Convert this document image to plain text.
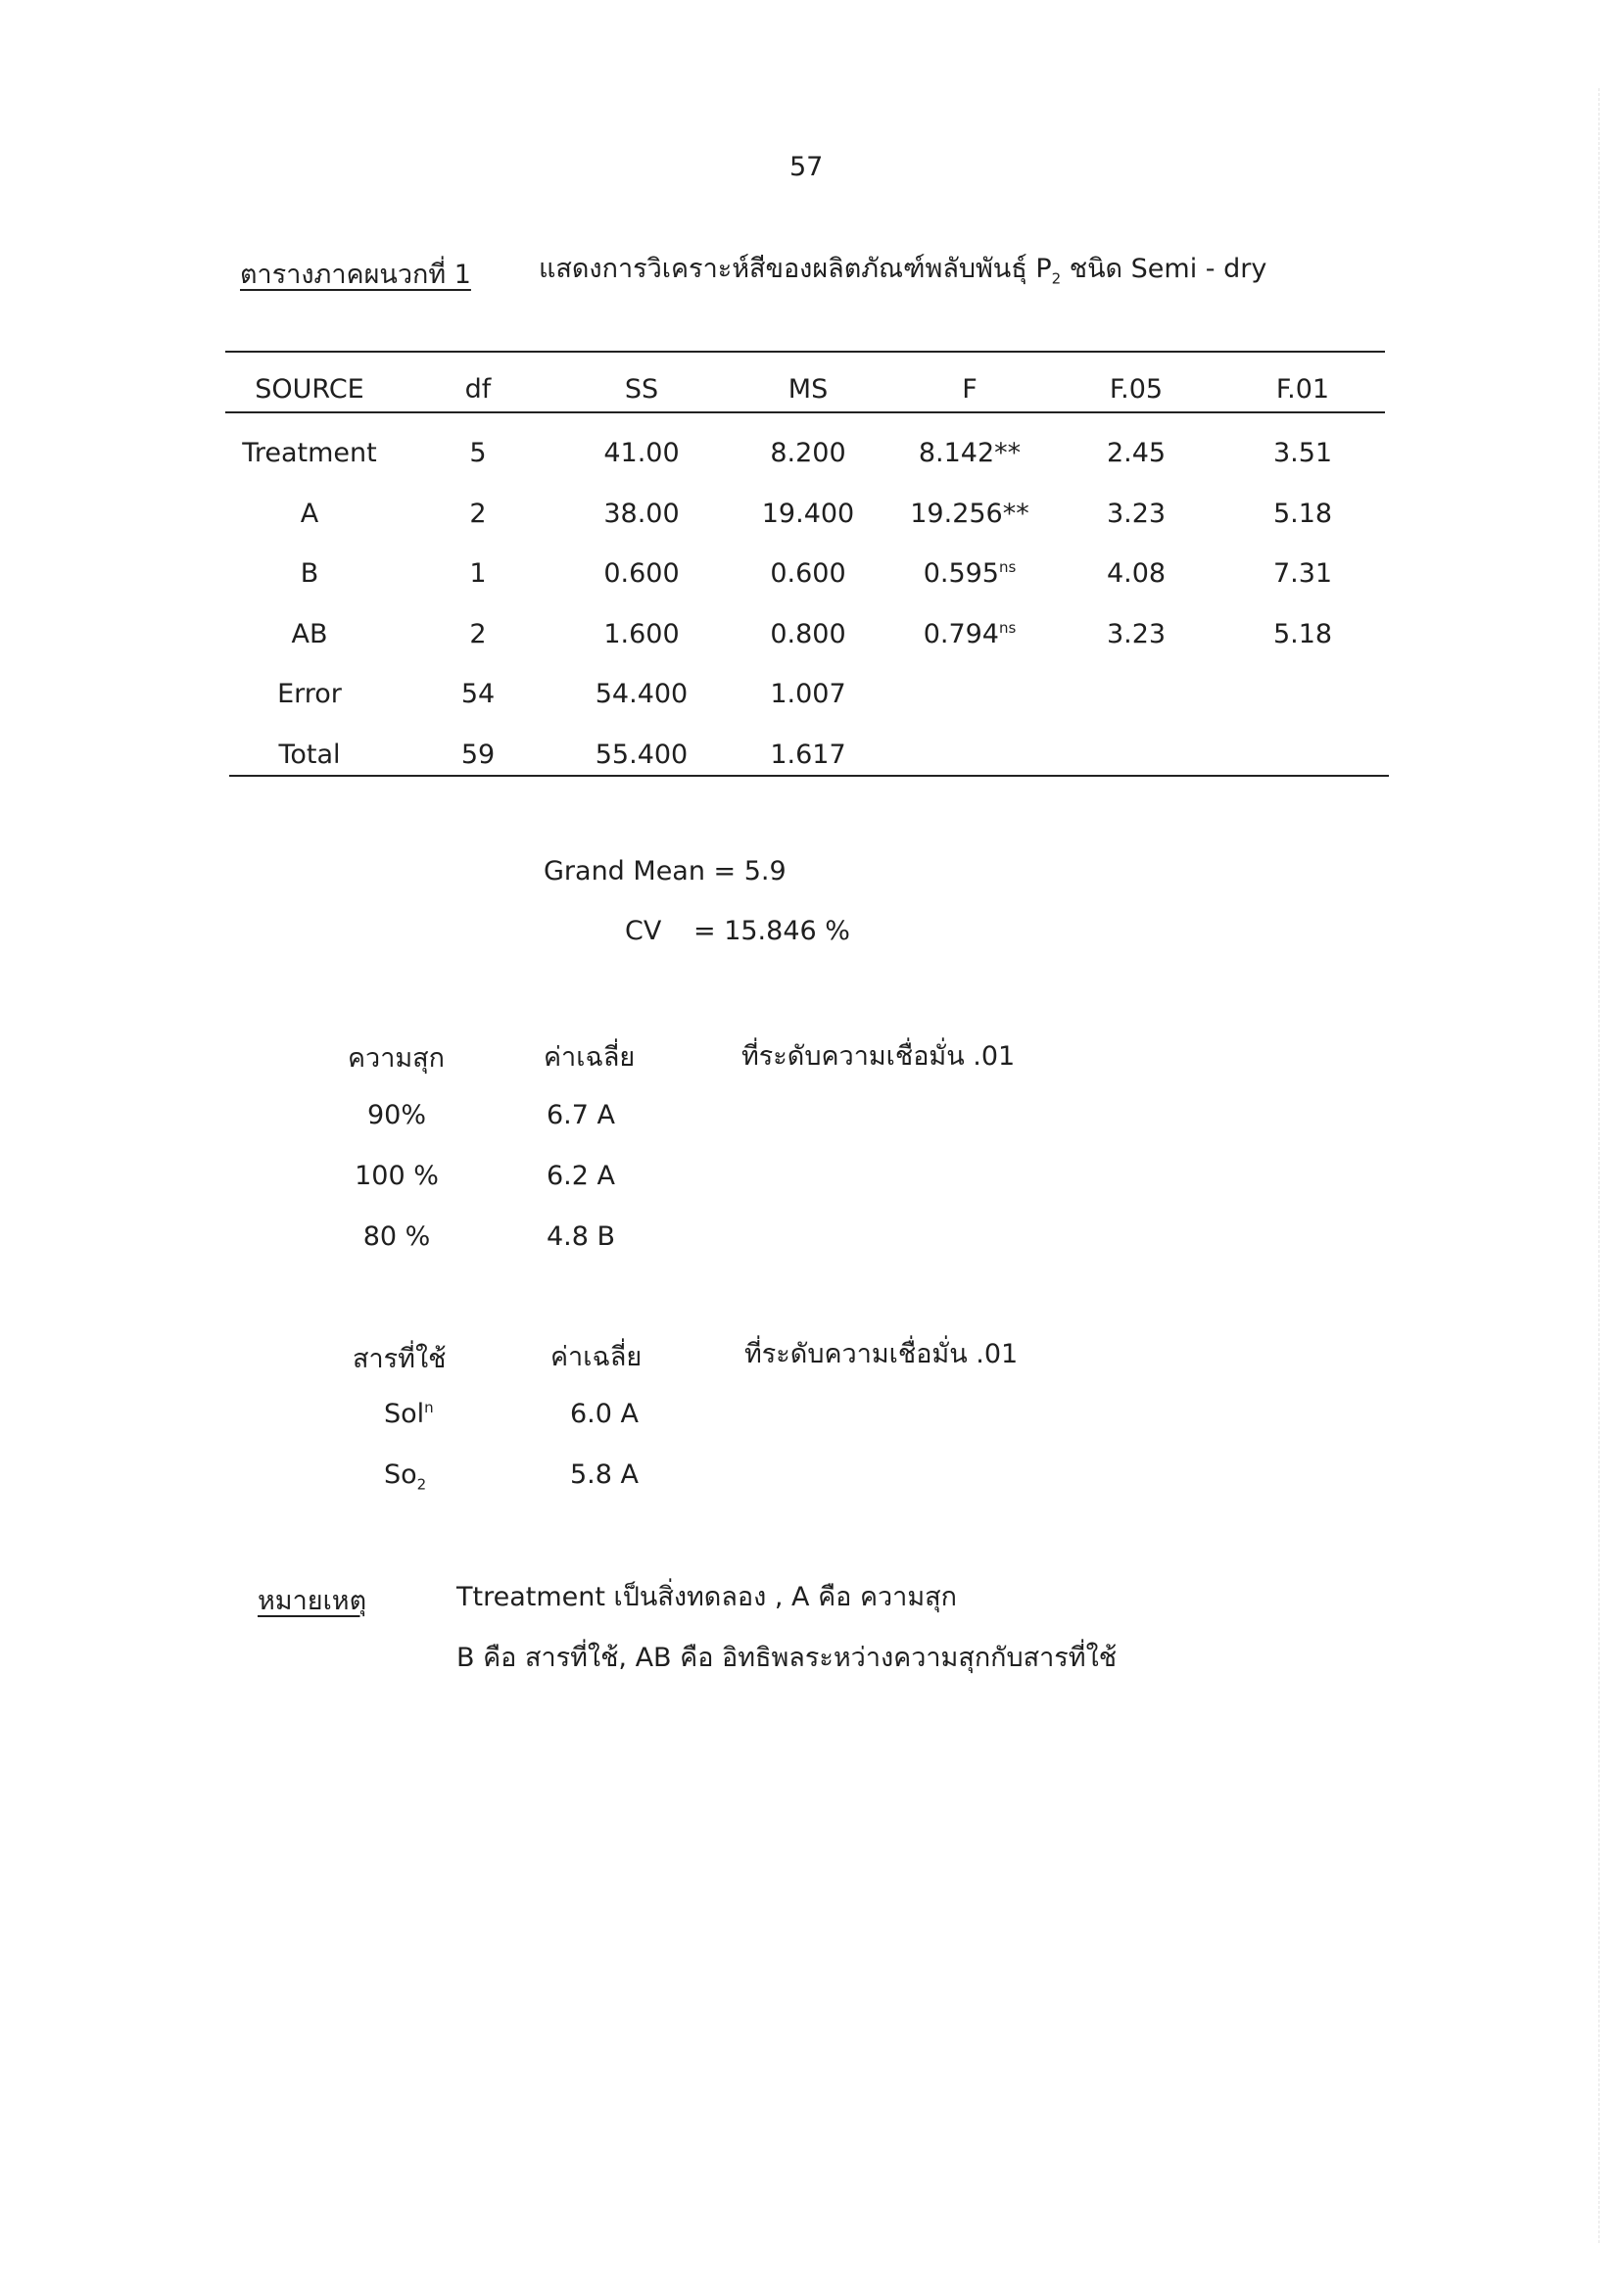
57
ตารางภาคผนวกที่ 1	แสดงการวิเคราะห์สีของผลิตภัณฑ์พลับพันธุ์ $P_2$ ชนิด Semi - dry
SOURCE	df	SS	MS	F	F.05	F.01
Treatment	5	41.00	8.200	8.142**	2.45	3.51
A	2	38.00	19.400	19.256**	3.23	5.18
B	1	0.600	0.600	$0.595^{ns}$	4.08	7.31
AB	2	1.600	0.800	$0.794^{ns}$	3.23	5.18
Error	54	54.400	1.007
Total	59	55.400	1.617
Grand Mean = 5.9
CV = 15.846 %
ความสุก	ค่าเฉลี่ย	ที่ระดับความเชื่อมั่น .01
90%	6.7 A
100 %	6.2 A
80 %	4.8 B
สารที่ใช้	ค่าเฉลี่ย	ที่ระดับความเชื่อมั่น .01
Sol$^n$	6.0 A
$So_2$	5.8 A
หมายเหตุ	Ttreatment เป็นสิ่งทดลอง , A คือ ความสุก
B คือ สารที่ใช้, AB คือ อิทธิพลระหว่างความสุกกับสารที่ใช้
